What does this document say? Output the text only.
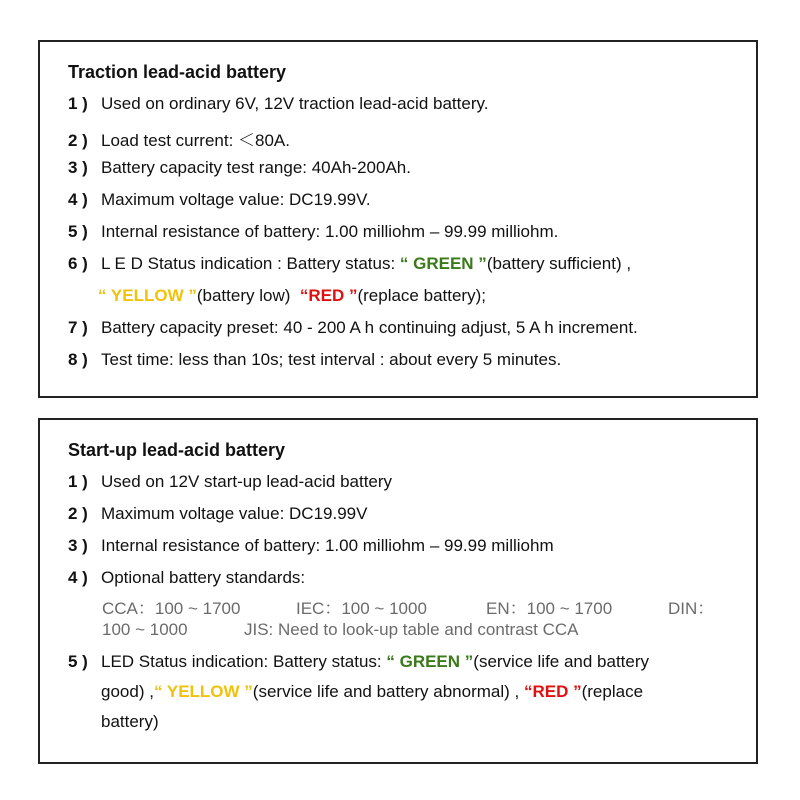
Traction lead-acid battery
1 ) Used on ordinary 6V, 12V traction lead-acid battery.
2 ) Load test current: ＜80A.
3 ) Battery capacity test range: 40Ah-200Ah.
4 ) Maximum voltage value: DC19.99V.
5 ) Internal resistance of battery: 1.00 milliohm – 99.99 milliohm.
6 ) L E D Status indication : Battery status: “ GREEN ”(battery sufficient) ,
“ YELLOW ”(battery low) “RED ”(replace battery);
7 ) Battery capacity preset: 40 - 200 A h continuing adjust, 5 A h increment.
8 ) Test time: less than 10s; test interval : about every 5 minutes.
Start-up lead-acid battery
1 ) Used on 12V start-up lead-acid battery
2 ) Maximum voltage value: DC19.99V
3 ) Internal resistance of battery: 1.00 milliohm – 99.99 milliohm
4 ) Optional battery standards:
CCA：100 ~ 1700	IEC：100 ~ 1000	EN：100 ~ 1700	DIN：
100 ~ 1000	JIS: Need to look-up table and contrast CCA
5 ) LED Status indication: Battery status: “ GREEN ”(service life and battery
good) ,“ YELLOW ”(service life and battery abnormal) , “RED ”(replace
battery)
